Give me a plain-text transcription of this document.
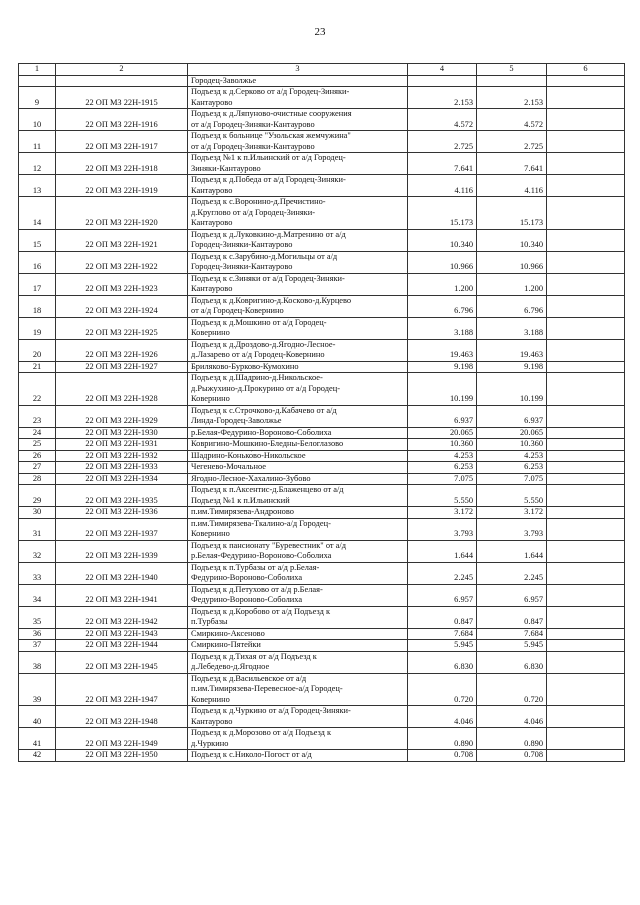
23
1	2	3	4	5	6
		Городец-Заволжье			
9	22 ОП МЗ 22Н-1915	Подъезд к д.Серково от а/д Городец-Зиняки-
Кантаурово	2.153	2.153	
10	22 ОП МЗ 22Н-1916	Подъезд к д.Ляпуново-очистные сооружения
от а/д Городец-Зиняки-Кантаурово	4.572	4.572	
11	22 ОП МЗ 22Н-1917	Подъезд к больнице "Узольская жемчужина"
от а/д Городец-Зиняки-Кантаурово	2.725	2.725	
12	22 ОП МЗ 22Н-1918	Подъезд №1 к п.Ильинский от а/д Городец-
Зиняки-Кантаурово	7.641	7.641	
13	22 ОП МЗ 22Н-1919	Подъезд к д.Победа от а/д Городец-Зиняки-
Кантаурово	4.116	4.116	
14	22 ОП МЗ 22Н-1920	Подъезд к с.Воронино-д.Пречистино-
д.Круглово от а/д Городец-Зиняки-
Кантаурово	15.173	15.173	
15	22 ОП МЗ 22Н-1921	Подъезд к д.Луковкино-д.Матренино от а/д
Городец-Зиняки-Кантаурово	10.340	10.340	
16	22 ОП МЗ 22Н-1922	Подъезд к с.Зарубино-д.Могильцы от а/д
Городец-Зиняки-Кантаурово	10.966	10.966	
17	22 ОП МЗ 22Н-1923	Подъезд к с.Зиняки от а/д Городец-Зиняки-
Кантаурово	1.200	1.200	
18	22 ОП МЗ 22Н-1924	Подъезд к д.Ковригино-д.Косково-д.Курцево
от а/д Городец-Ковернино	6.796	6.796	
19	22 ОП МЗ 22Н-1925	Подъезд к д.Мошкино от а/д Городец-
Ковернино	3.188	3.188	
20	22 ОП МЗ 22Н-1926	Подъезд к д.Дроздово-д.Ягодно-Лесное-
д.Лазарево от а/д Городец-Ковернино	19.463	19.463	
21	22 ОП МЗ 22Н-1927	Бриляково-Бурково-Кумохино	9.198	9.198	
22	22 ОП МЗ 22Н-1928	Подъезд к д.Шадрино-д.Никольское-
д.Рыжухино-д.Прокурино от а/д Городец-
Ковернино	10.199	10.199	
23	22 ОП МЗ 22Н-1929	Подъезд к с.Строчково-д.Кабачево от а/д
Линда-Городец-Заволжье	6.937	6.937	
24	22 ОП МЗ 22Н-1930	р.Белая-Федурино-Вороново-Соболиха	20.065	20.065	
25	22 ОП МЗ 22Н-1931	Ковригино-Мошкино-Бледны-Белоглазово	10.360	10.360	
26	22 ОП МЗ 22Н-1932	Шадрино-Конько́во-Никольское	4.253	4.253	
27	22 ОП МЗ 22Н-1933	Чегенево-Мочальное	6.253	6.253	
28	22 ОП МЗ 22Н-1934	Ягодно-Лесное-Хахалино-Зубово	7.075	7.075	
29	22 ОП МЗ 22Н-1935	Подъезд к п.Аксентис-д.Блаженцево от а/д
Подъезд №1 к п.Ильинский	5.550	5.550	
30	22 ОП МЗ 22Н-1936	п.им.Тимирязева-Андроново	3.172	3.172	
31	22 ОП МЗ 22Н-1937	п.им.Тимирязева-Ткалино-а/д Городец-
Ковернино	3.793	3.793	
32	22 ОП МЗ 22Н-1939	Подъезд к пансионату "Буревестник" от а/д
р.Белая-Федурино-Вороново-Соболиха	1.644	1.644	
33	22 ОП МЗ 22Н-1940	Подъезд к п.Турбазы от а/д р.Белая-
Федурино-Вороново-Соболиха	2.245	2.245	
34	22 ОП МЗ 22Н-1941	Подъезд к д.Петухово от а/д р.Белая-
Федурино-Вороново-Соболиха	6.957	6.957	
35	22 ОП МЗ 22Н-1942	Подъезд к д.Коробово от а/д Подъезд к
п.Турбазы	0.847	0.847	
36	22 ОП МЗ 22Н-1943	Смиркино-Аксеново	7.684	7.684	
37	22 ОП МЗ 22Н-1944	Смиркино-Пятейки	5.945	5.945	
38	22 ОП МЗ 22Н-1945	Подъезд к д.Тихая от а/д Подъезд к
д.Лебедево-д.Ягодное	6.830	6.830	
39	22 ОП МЗ 22Н-1947	Подъезд к д.Васильевское от а/д
п.им.Тимирязева-Перевесное-а/д Городец-
Ковернино	0.720	0.720	
40	22 ОП МЗ 22Н-1948	Подъезд к д.Чуркино от а/д Городец-Зиняки-
Кантаурово	4.046	4.046	
41	22 ОП МЗ 22Н-1949	Подъезд к д.Морозово от а/д Подъезд к
д.Чуркино	0.890	0.890	
42	22 ОП МЗ 22Н-1950	Подъезд к с.Николо-Погост от а/д	0.708	0.708	
